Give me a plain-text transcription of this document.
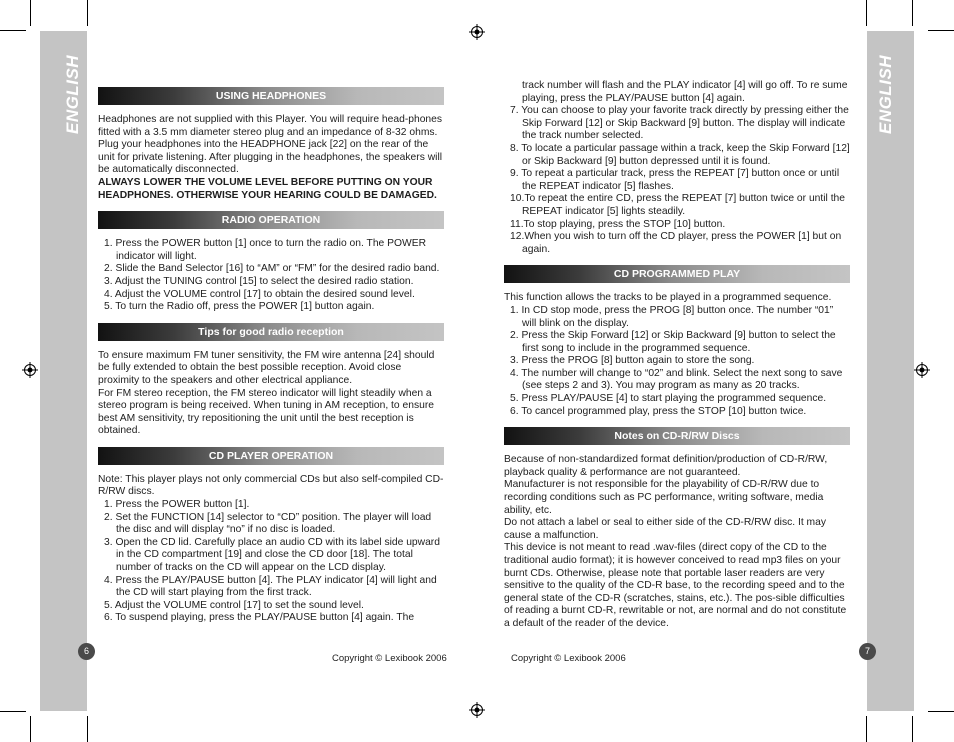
ENGLISH	ENGLISH
USING HEADPHONES

Headphones are not supplied with this Player. You will require head-phones fitted with a 3.5 mm diameter stereo plug and an impedance of 8-32 ohms. Plug your headphones into the HEADPHONE jack [22] on the rear of the unit for private listening. After plugging in the headphones, the speakers will be automatically disconnected.

ALWAYS LOWER THE VOLUME LEVEL BEFORE PUTTING ON YOUR HEADPHONES. OTHERWISE YOUR HEARING COULD BE DAMAGED.

RADIO OPERATION
1. Press the POWER button [1] once to turn the radio on. The POWER indicator will light.
2. Slide the Band Selector [16] to “AM” or “FM” for the desired radio band.
3. Adjust the TUNING control [15] to select the desired radio station.
4. Adjust the VOLUME control [17] to obtain the desired sound level.
5. To turn the Radio off, press the POWER [1] button again.
Tips for good radio reception

To ensure maximum FM tuner sensitivity, the FM wire antenna [24] should be fully extended to obtain the best possible reception. Avoid close proximity to the speakers and other electrical appliance.

For FM stereo reception, the FM stereo indicator will light steadily when a stereo program is being received. When tuning in AM reception, to ensure best AM sensitivity, try repositioning the unit until the best reception is obtained.

CD PLAYER OPERATION

Note: This player plays not only commercial CDs but also self-compiled CD-R/RW discs.

1. Press the POWER button [1].
2. Set the FUNCTION [14] selector to “CD” position. The player will load the disc and will display “no” if no disc is loaded.
3. Open the CD lid. Carefully place an audio CD with its label side upward in the CD compartment [19] and close the CD door [18]. The total number of tracks on the CD will appear on the LCD display.
4. Press the PLAY/PAUSE button [4]. The PLAY indicator [4] will light and the CD will start playing from the first track.
5. Adjust the VOLUME control [17] to set the sound level.
6. To suspend playing, press the PLAY/PAUSE button [4] again. The

track number will flash and the PLAY indicator [4] will go off. To re sume playing, press the PLAY/PAUSE button [4] again.

7. You can choose to play your favorite track directly by pressing either the Skip Forward [12] or Skip Backward [9] button. The display will indicate the track number selected.
8. To locate a particular passage within a track, keep the Skip Forward [12] or Skip Backward [9] button depressed until it is found.
9. To repeat a particular track, press the REPEAT [7] button once or until the REPEAT indicator [5] flashes.
10.To repeat the entire CD, press the REPEAT [7] button twice or until the REPEAT indicator [5] lights steadily.
11.To stop playing, press the STOP [10] button.
12.When you wish to turn off the CD player, press the POWER [1] but on again.
CD PROGRAMMED PLAY

This function allows the tracks to be played in a programmed sequence.

1. In CD stop mode, press the PROG [8] button once. The number “01” will blink on the display.
2. Press the Skip Forward [12] or Skip Backward [9] button to select the first song to include in the programmed sequence.
3. Press the PROG [8] button again to store the song.
4. The number will change to “02” and blink. Select the next song to save (see steps 2 and 3). You may program as many as 20 tracks.
5. Press PLAY/PAUSE [4] to start playing the programmed sequence.
6. To cancel programmed play, press the STOP [10] button twice.
Notes on CD-R/RW Discs

Because of non-standardized format definition/production of CD-R/RW, playback quality & performance are not guaranteed.

Manufacturer is not responsible for the playability of CD-R/RW due to recording conditions such as PC performance, writing software, media ability, etc.

Do not attach a label or seal to either side of the CD-R/RW disc. It may cause a malfunction.

This device is not meant to read .wav-files (direct copy of the CD to the traditional audio format); it is however conceived to read mp3 files on your burnt CDs. Otherwise, please note that portable laser readers are very sensitive to the quality of the CD-R base, to the recording speed and to the general state of the CD-R (scratches, stains, etc.). The pos-sible difficulties of reading a burnt CD-R, rewritable or not, are normal and do not constitute a default of the reader of the device.

6	7
Copyright © Lexibook 2006	Copyright © Lexibook 2006
